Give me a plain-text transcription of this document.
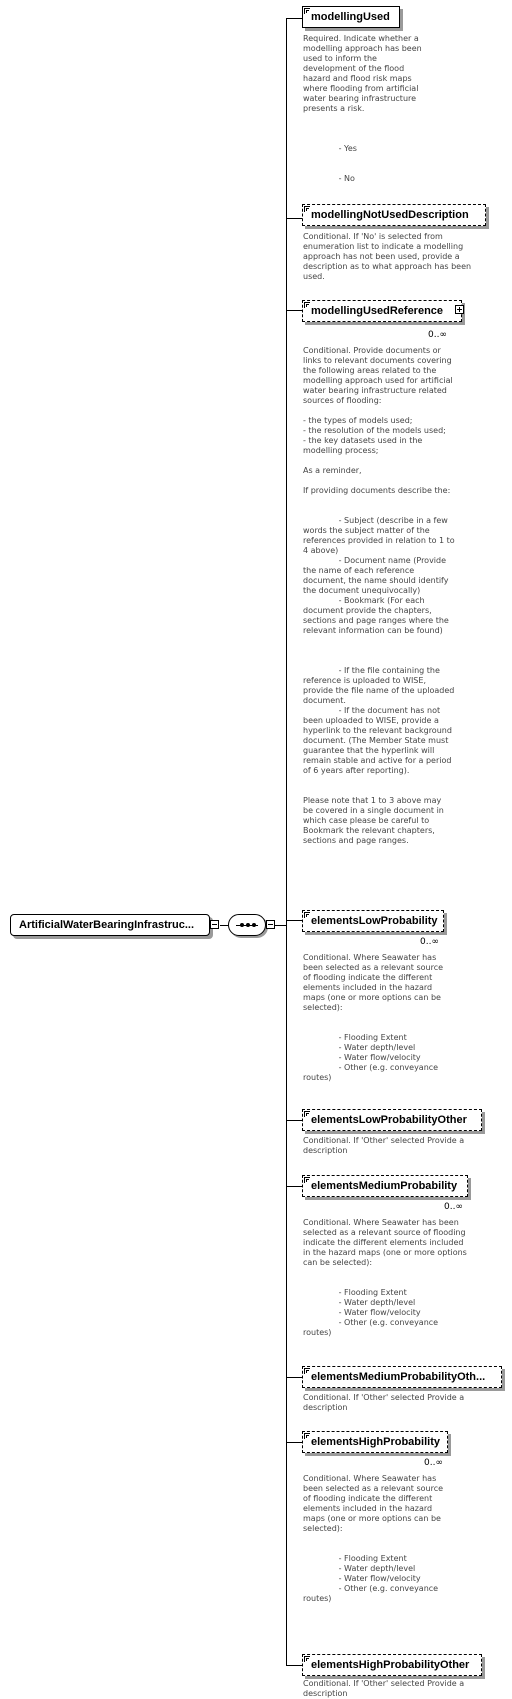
ArtificialWaterBearingInfrastruc...
modellingUsed
Required. Indicate whether a
modelling approach has been
used to inform the
development of the flood
hazard and flood risk maps
where flooding from artificial
water bearing infrastructure
presents a risk.

- Yes

- No
modellingNotUsedDescription
Conditional. If 'No' is selected from
enumeration list to indicate a modelling
approach has not been used, provide a
description as to what approach has been
used.
modellingUsedReference
0..∞
Conditional. Provide documents or
links to relevant documents covering
the following areas related to the
modelling approach used for artificial
water bearing infrastructure related
sources of flooding:

- the types of models used;
- the resolution of the models used;
- the key datasets used in the
modelling process;

As a reminder,

If providing documents describe the:

- Subject (describe in a few
words the subject matter of the
references provided in relation to 1 to
4 above)
- Document name (Provide
the name of each reference
document, the name should identify
the document unequivocally)
- Bookmark (For each
document provide the chapters,
sections and page ranges where the
relevant information can be found)

- If the file containing the
reference is uploaded to WISE,
provide the file name of the uploaded
document.
- If the document has not
been uploaded to WISE, provide a
hyperlink to the relevant background
document. (The Member State must
guarantee that the hyperlink will
remain stable and active for a period
of 6 years after reporting).

Please note that 1 to 3 above may
be covered in a single document in
which case please be careful to
Bookmark the relevant chapters,
sections and page ranges.
elementsLowProbability
0..∞
Conditional. Where Seawater has
been selected as a relevant source
of flooding indicate the different
elements included in the hazard
maps (one or more options can be
selected):

- Flooding Extent
- Water depth/level
- Water flow/velocity
- Other (e.g. conveyance
routes)
elementsLowProbabilityOther
Conditional. If 'Other' selected Provide a
description
elementsMediumProbability
0..∞
Conditional. Where Seawater has been
selected as a relevant source of flooding
indicate the different elements included
in the hazard maps (one or more options
can be selected):

- Flooding Extent
- Water depth/level
- Water flow/velocity
- Other (e.g. conveyance
routes)
elementsMediumProbabilityOth...
Conditional. If 'Other' selected Provide a
description
elementsHighProbability
0..∞
Conditional. Where Seawater has
been selected as a relevant source
of flooding indicate the different
elements included in the hazard
maps (one or more options can be
selected):

- Flooding Extent
- Water depth/level
- Water flow/velocity
- Other (e.g. conveyance
routes)
elementsHighProbabilityOther
Conditional. If 'Other' selected Provide a
description
